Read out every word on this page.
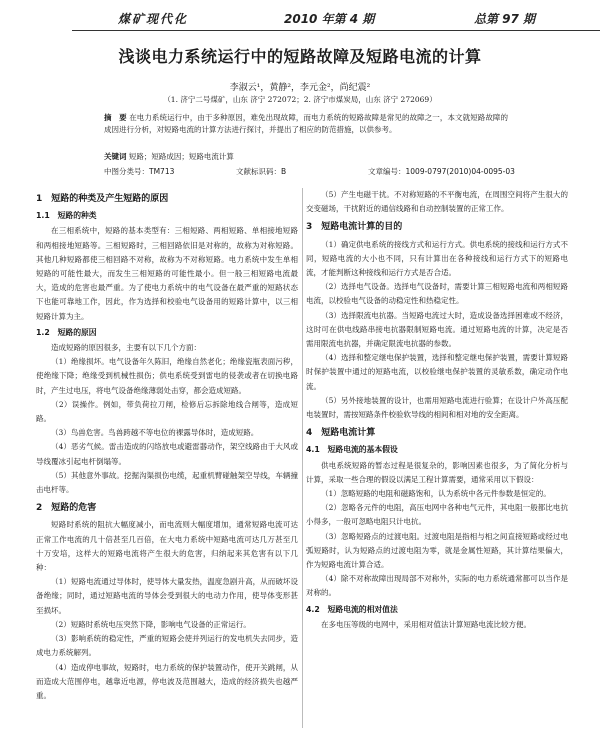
煤矿现代化	2010 年第 4 期	总第 97 期
浅谈电力系统运行中的短路故障及短路电流的计算
李淑云¹，黄静²，李元金²，尚纪震²
（1. 济宁二号煤矿，山东 济宁 272072；2. 济宁市煤炭局，山东 济宁 272069）
摘　要 在电力系统运行中，由于多种原因，难免出现故障，而电力系统的短路故障是常见的故障之一，本文就短路故障的成因进行分析，对短路电流的计算方法进行探讨，并提出了相应的防范措施，以供参考。
关键词 短路；短路成因；短路电流计算
中图分类号：TM713	文献标识码：B	文章编号：1009-0797(2010)04-0095-03
1　短路的种类及产生短路的原因
1.1　短路的种类

在三相系统中，短路的基本类型有：三相短路、两相短路、单相接地短路和两相接地短路等。三相短路时，三相回路依旧是对称的，故称为对称短路。其他几种短路都使三相回路不对称，故称为不对称短路。电力系统中发生单相短路的可能性最大，而发生三相短路的可能性最小。但一般三相短路电流最大，造成的危害也最严重。为了使电力系统中的电气设备在最严重的短路状态下也能可靠地工作，因此，作为选择和校验电气设备用的短路计算中，以三相短路计算为主。

1.2　短路的原因

造成短路的原因很多，主要有以下几个方面：

（1）绝缘损坏。电气设备年久陈旧，绝缘自然老化；绝缘瓷瓶表面污秽，使绝缘下降；绝缘受到机械性损伤；供电系统受到雷电的侵袭或者在切换电路时，产生过电压，将电气设备绝缘薄弱处击穿，都会造成短路。

（2）误操作。例如，带负荷拉刀闸，检修后忘拆除地线合闸等，造成短路。

（3）鸟兽危害。鸟兽跨越不等电位的裸露导体时，造成短路。

（4）恶劣气候。雷击造成的闪络放电或避雷器动作，架空线路由于大风或导线覆冰引起电杆倒塌等。

（5）其他意外事故。挖掘沟渠损伤电缆，起重机臂碰触架空导线，车辆撞击电杆等。

2　短路的危害

短路时系统的阻抗大幅度减小，而电流则大幅度增加，通常短路电流可达正常工作电流的几十倍甚至几百倍，在大电力系统中短路电流可达几万甚至几十万安培，这样大的短路电流将产生很大的危害，归纳起来其危害有以下几种：

（1）短路电流通过导体时，使导体大量发热，温度急剧升高，从而破坏设备绝缘；同时，通过短路电流的导体会受到很大的电动力作用，使导体变形甚至损坏。

（2）短路时系统电压突然下降，影响电气设备的正常运行。

（3）影响系统的稳定性，严重的短路会使并列运行的发电机失去同步，造成电力系统解列。

（4）造成停电事故，短路时，电力系统的保护装置动作，使开关跳闸，从而造成大范围停电，越靠近电源，停电波及范围越大，造成的经济损失也越严重。

（5）产生电磁干扰。不对称短路的不平衡电流，在周围空间将产生很大的交变磁场，干扰附近的通信线路和自动控制装置的正常工作。

3　短路电流计算的目的

（1）确定供电系统的接线方式和运行方式。供电系统的接线和运行方式不同，短路电流的大小也不同，只有计算出在各种接线和运行方式下的短路电流，才能判断这种接线和运行方式是否合适。

（2）选择电气设备。选择电气设备时，需要计算三相短路电流和两相短路电流，以校验电气设备的动稳定性和热稳定性。

（3）选择限流电抗器。当短路电流过大时，造成设备选择困难或不经济，这时可在供电线路串接电抗器限制短路电流。通过短路电流的计算，决定是否需用限流电抗器，并确定限流电抗器的参数。

（4）选择和整定继电保护装置，选择和整定继电保护装置，需要计算短路时保护装置中通过的短路电流，以校验继电保护装置的灵敏系数，确定动作电流。

（5）另外接地装置的设计，也需用短路电流进行验算；在设计户外高压配电装置时，需按短路条件校验软导线的相间和相对地的安全距离。

4　短路电流计算
4.1　短路电流的基本假设

供电系统短路的暂态过程是很复杂的，影响因素也很多，为了简化分析与计算，采取一些合理的假设以满足工程计算需要，通常采用以下假设：

（1）忽略短路的电阻和磁路饱和，认为系统中各元件参数是恒定的。

（2）忽略各元件的电阻，高压电网中各种电气元件，其电阻一般都比电抗小得多，一般可忽略电阻只计电抗。

（3）忽略短路点的过渡电阻。过渡电阻是指相与相之间直接短路或经过电弧短路时，认为短路点的过渡电阻为零，就是金属性短路，其计算结果偏大，作为短路电流计算合适。

（4）除不对称故障出现局部不对称外，实际的电力系统通常都可以当作是对称的。

4.2　短路电流的相对值法

在多电压等级的电网中，采用相对值法计算短路电流比较方便。
